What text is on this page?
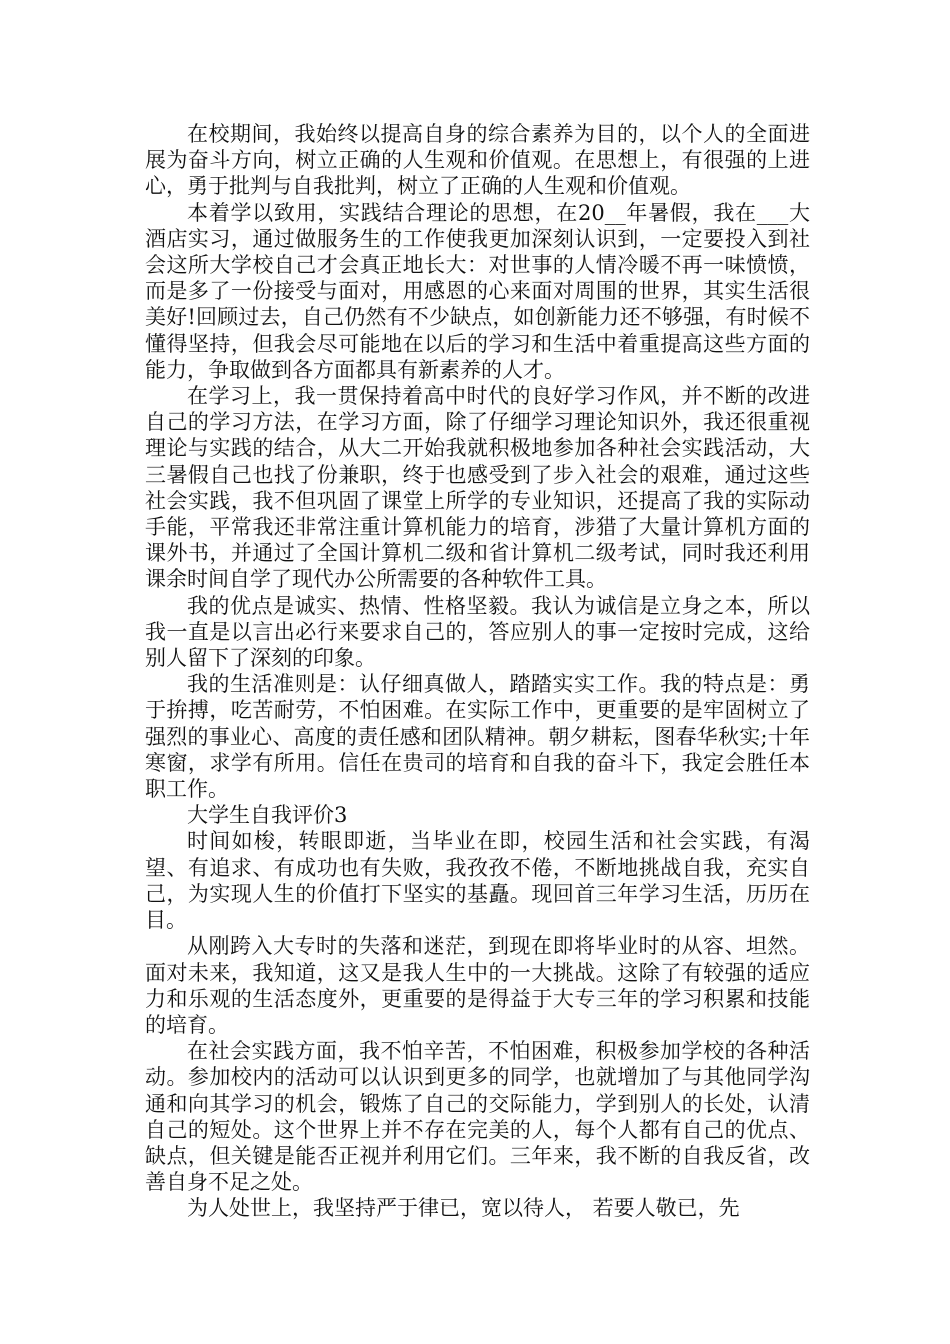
在校期间，我始终以提高自身的综合素养为目的，以个人的全面进展为奋斗方向，树立正确的人生观和价值观。在思想上，有很强的上进心，勇于批判与自我批判，树立了正确的人生观和价值观。

本着学以致用，实践结合理论的思想，在20__年暑假，我在___大酒店实习，通过做服务生的工作使我更加深刻认识到，一定要投入到社会这所大学校自己才会真正地长大：对世事的人情冷暖不再一味愤愤，而是多了一份接受与面对，用感恩的心来面对周围的世界，其实生活很美好!回顾过去，自己仍然有不少缺点，如创新能力还不够强，有时候不懂得坚持，但我会尽可能地在以后的学习和生活中着重提高这些方面的能力，争取做到各方面都具有新素养的人才。

在学习上，我一贯保持着高中时代的良好学习作风，并不断的改进自己的学习方法，在学习方面，除了仔细学习理论知识外，我还很重视理论与实践的结合，从大二开始我就积极地参加各种社会实践活动，大三暑假自己也找了份兼职，终于也感受到了步入社会的艰难，通过这些社会实践，我不但巩固了课堂上所学的专业知识，还提高了我的实际动手能，平常我还非常注重计算机能力的培育，涉猎了大量计算机方面的课外书，并通过了全国计算机二级和省计算机二级考试，同时我还利用课余时间自学了现代办公所需要的各种软件工具。

我的优点是诚实、热情、性格坚毅。我认为诚信是立身之本，所以我一直是以言出必行来要求自己的，答应别人的事一定按时完成，这给别人留下了深刻的印象。

我的生活准则是：认仔细真做人，踏踏实实工作。我的特点是：勇于拚搏，吃苦耐劳，不怕困难。在实际工作中，更重要的是牢固树立了强烈的事业心、高度的责任感和团队精神。朝夕耕耘，图春华秋实;十年寒窗，求学有所用。信任在贵司的培育和自我的奋斗下，我定会胜任本职工作。

大学生自我评价3

时间如梭，转眼即逝，当毕业在即，校园生活和社会实践，有渴望、有追求、有成功也有失败，我孜孜不倦，不断地挑战自我，充实自己，为实现人生的价值打下坚实的基矗。现回首三年学习生活，历历在目。

从刚跨入大专时的失落和迷茫，到现在即将毕业时的从容、坦然。面对未来，我知道，这又是我人生中的一大挑战。这除了有较强的适应力和乐观的生活态度外，更重要的是得益于大专三年的学习积累和技能的培育。

在社会实践方面，我不怕辛苦，不怕困难，积极参加学校的各种活动。参加校内的活动可以认识到更多的同学，也就增加了与其他同学沟通和向其学习的机会，锻炼了自己的交际能力，学到别人的长处，认清自己的短处。这个世界上并不存在完美的人，每个人都有自己的优点、缺点，但关键是能否正视并利用它们。三年来，我不断的自我反省，改善自身不足之处。

为人处世上，我坚持严于律已，宽以待人， 若要人敬已，先
